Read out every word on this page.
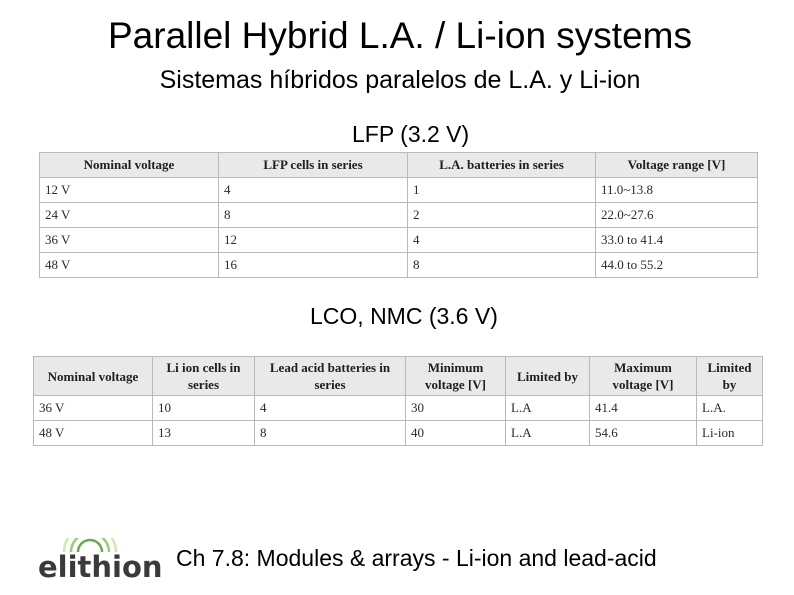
Parallel Hybrid L.A. / Li-ion systems
Sistemas híbridos paralelos de L.A. y Li-ion
LFP (3.2 V)
Nominal voltage	LFP cells in series	L.A. batteries in series	Voltage range [V]
12 V	4	1	11.0~13.8
24 V	8	2	22.0~27.6
36 V	12	4	33.0 to 41.4
48 V	16	8	44.0 to 55.2
LCO, NMC (3.6 V)
Nominal voltage	Li ion cells in series	Lead acid batteries in series	Minimum voltage [V]	Limited by	Maximum voltage [V]	Limited by
36 V	10	4	30	L.A	41.4	L.A.
48 V	13	8	40	L.A	54.6	Li-ion
elithion Ch 7.8: Modules & arrays - Li-ion and lead-acid
